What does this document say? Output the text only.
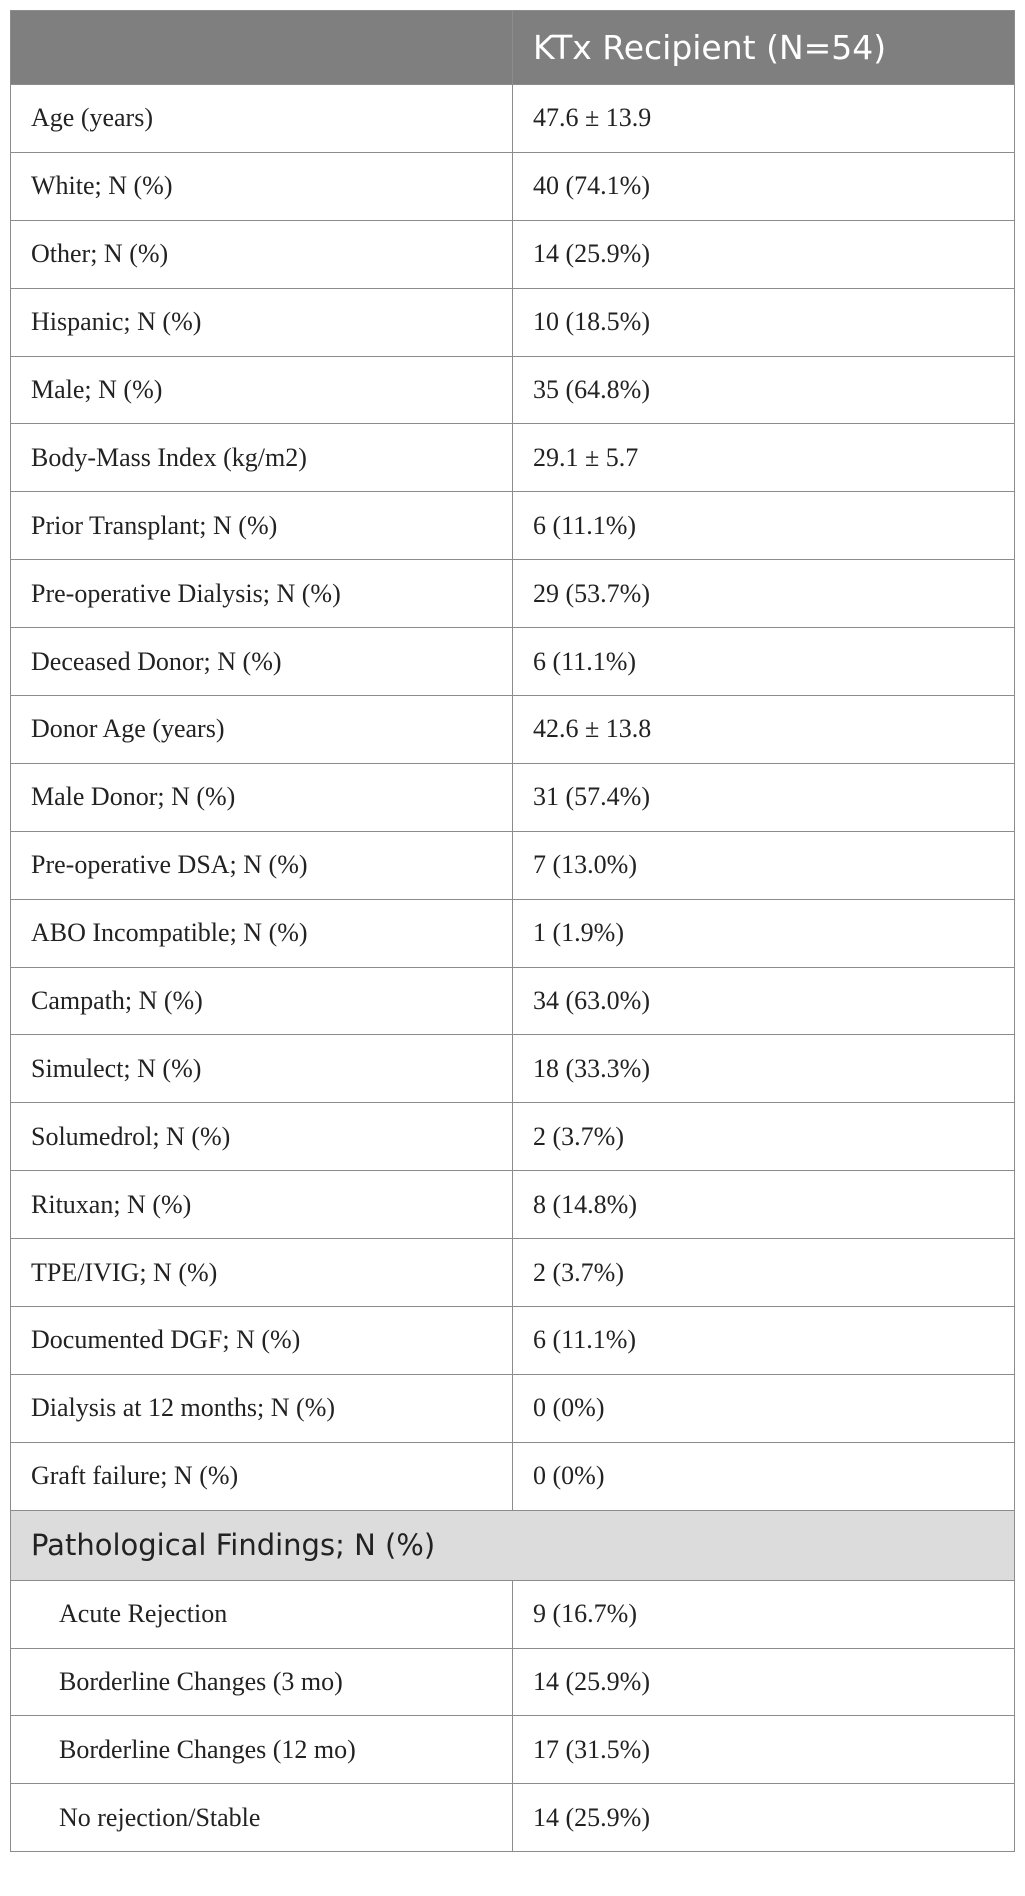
	KTx Recipient (N=54)
Age (years)	47.6 ± 13.9
White; N (%)	40 (74.1%)
Other; N (%)	14 (25.9%)
Hispanic; N (%)	10 (18.5%)
Male; N (%)	35 (64.8%)
Body-Mass Index (kg/m2)	29.1 ± 5.7
Prior Transplant; N (%)	6 (11.1%)
Pre-operative Dialysis; N (%)	29 (53.7%)
Deceased Donor; N (%)	6 (11.1%)
Donor Age (years)	42.6 ± 13.8
Male Donor; N (%)	31 (57.4%)
Pre-operative DSA; N (%)	7 (13.0%)
ABO Incompatible; N (%)	1 (1.9%)
Campath; N (%)	34 (63.0%)
Simulect; N (%)	18 (33.3%)
Solumedrol; N (%)	2 (3.7%)
Rituxan; N (%)	8 (14.8%)
TPE/IVIG; N (%)	2 (3.7%)
Documented DGF; N (%)	6 (11.1%)
Dialysis at 12 months; N (%)	0 (0%)
Graft failure; N (%)	0 (0%)
Pathological Findings; N (%)	
Acute Rejection	9 (16.7%)
Borderline Changes (3 mo)	14 (25.9%)
Borderline Changes (12 mo)	17 (31.5%)
No rejection/Stable	14 (25.9%)
